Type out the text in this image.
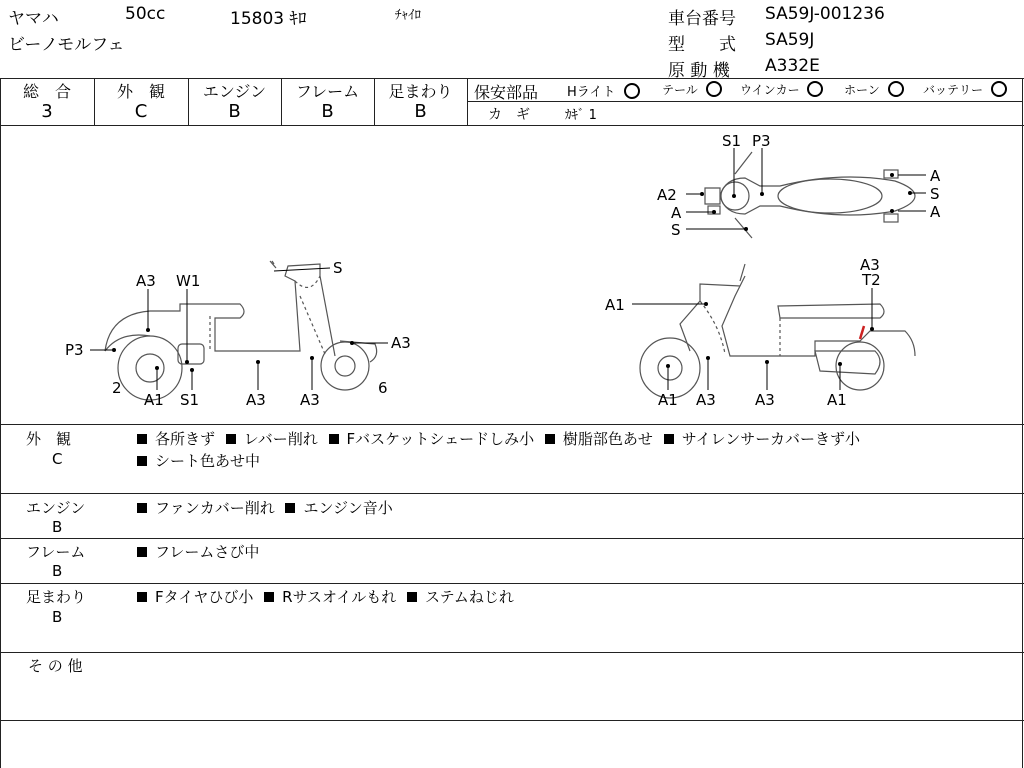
ヤマハ	50cc	15803 ｷﾛ	ﾁｬｲﾛ
ビーノモルフェ
車台番号 SA59J-001236
型　　式 SA59J
原 動 機 A332E
総　合
3
外　観
C
エンジン
B
フレーム
B
足まわり
B
保安部品 Hライト	テール	ウインカー	ホーン	バッテリー
カ　ギ	ｶｷﾞ 1
S1 P3
A2
A
S
A
S
A
S
A3 W1
P3	A3
2
A1 S1	A3 A3
6
A1
A3
T2
A1 A3	A3	A1
外　観
C
各所きず レバー削れ Fバスケットシェードしみ小 樹脂部色あせ サイレンサーカバーきず小
シート色あせ中
エンジン
B
ファンカバー削れ エンジン音小
フレーム
B
フレームさび中
足まわり
B
Fタイヤひび小 Rサスオイルもれ ステムねじれ
そ の 他
